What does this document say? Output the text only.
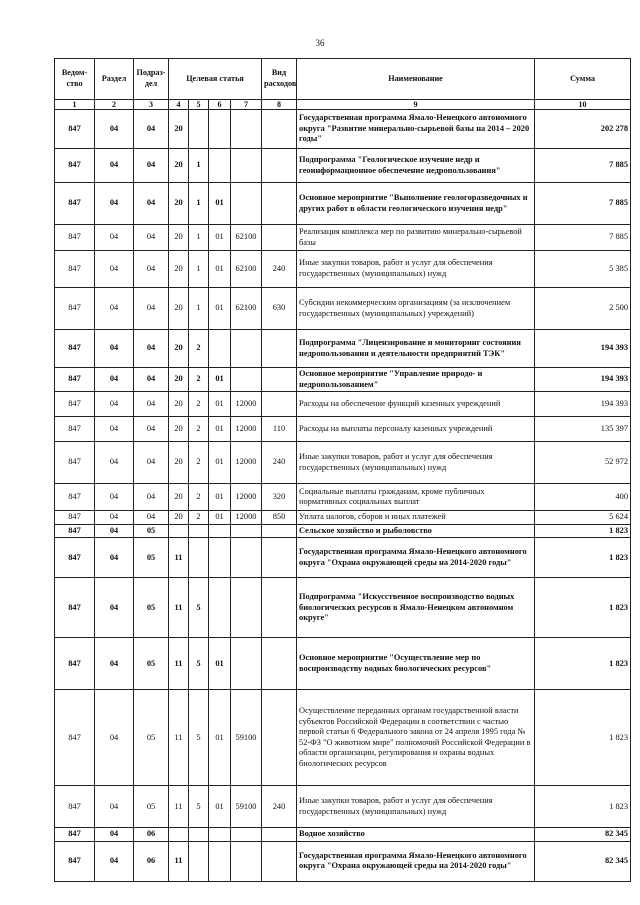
36
Ведом-ство	Раздел	Подраз-дел	Целевая статья				Вид расходов	Наименование	Сумма
1	2	3	4	5	6	7	8	9	10
847	04	04	20					Государственная программа Ямало-Ненецкого автономного округа "Развитие минерально-сырьевой базы на 2014 – 2020 годы"	202 278
847	04	04	20	1				Подпрограмма "Геологическое изучение недр и геоинформационное обеспечение недропользования"	7 885
847	04	04	20	1	01			Основное мероприятие "Выполнение геологоразведочных и других работ в области геологического изучения недр"	7 885
847	04	04	20	1	01	62100		Реализация комплекса мер по развитию минерально-сырьевой базы	7 885
847	04	04	20	1	01	62100	240	Иные закупки товаров, работ и услуг для обеспечения государственных (муниципальных) нужд	5 385
847	04	04	20	1	01	62100	630	Субсидии некоммерческим организациям (за исключением государственных (муниципальных) учреждений)	2 500
847	04	04	20	2				Подпрограмма "Лицензирование и мониторинг состояния недропользования и деятельности предприятий ТЭК"	194 393
847	04	04	20	2	01			Основное мероприятие "Управление природо- и недропользованием"	194 393
847	04	04	20	2	01	12000		Расходы на обеспечение функций казенных учреждений	194 393
847	04	04	20	2	01	12000	110	Расходы на выплаты персоналу казенных учреждений	135 397
847	04	04	20	2	01	12000	240	Иные закупки товаров, работ и услуг для обеспечения государственных (муниципальных) нужд	52 972
847	04	04	20	2	01	12000	320	Социальные выплаты гражданам, кроме публичных нормативных социальных выплат	400
847	04	04	20	2	01	12000	850	Уплата налогов, сборов и иных платежей	5 624
847	04	05						Сельское хозяйство и рыболовство	1 823
847	04	05	11					Государственная программа Ямало-Ненецкого автономного округа "Охрана окружающей среды на 2014-2020 годы"	1 823
847	04	05	11	5				Подпрограмма "Искусственное воспроизводство водных биологических ресурсов в Ямало-Ненецком автономном округе"	1 823
847	04	05	11	5	01			Основное мероприятие "Осуществление мер по воспроизводству водных биологических ресурсов"	1 823
847	04	05	11	5	01	59100		Осуществление переданных органам государственной власти субъектов Российской Федерации в соответствии с частью первой статьи 6 Федерального закона от 24 апреля 1995 года № 52-ФЗ "О животном мире" полномочий Российской Федерации в области организации, регулирования и охраны водных биологических ресурсов	1 823
847	04	05	11	5	01	59100	240	Иные закупки товаров, работ и услуг для обеспечения государственных (муниципальных) нужд	1 823
847	04	06						Водное хозяйство	82 345
847	04	06	11					Государственная программа Ямало-Ненецкого автономного округа "Охрана окружающей среды на 2014-2020 годы"	82 345
